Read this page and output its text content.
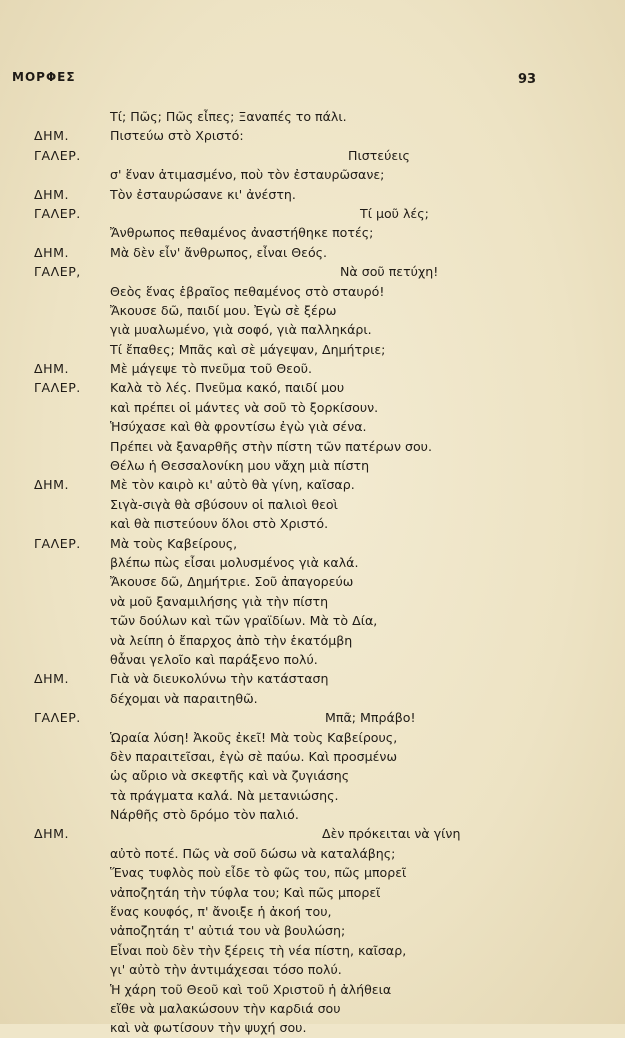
ΜΟΡΦΕΣ	93
Τί; Πῶς; Πῶς εἶπες; Ξαναπές το πάλι.
ΔΗΜ.	Πιστεύω στὸ Χριστό:
ΓΑΛΕΡ.	Πιστεύεις
σ' ἕναν ἀτιμασμένο, ποὺ τὸν ἐσταυρῶσανε;
ΔΗΜ.	Τὸν ἐσταυρώσανε κι' ἀνέστη.
ΓΑΛΕΡ.	Τί μοῦ λές;
Ἄνθρωπος πεθαμένος ἀναστήθηκε ποτές;
ΔΗΜ.	Μὰ δὲν εἶν' ἄνθρωπος, εἶναι Θεός.
ΓΑΛΕΡ,	Νὰ σοῦ πετύχη!
Θεὸς ἕνας ἑβραῖος πεθαμένος στὸ σταυρό!
Ἄκουσε δῶ, παιδί μου. Ἐγὼ σὲ ξέρω
γιὰ μυαλωμένο, γιὰ σοφό, γιὰ παλληκάρι.
Τί ἔπαθες; Μπᾶς καὶ σὲ μάγεψαν, Δημήτριε;
ΔΗΜ.	Μὲ μάγεψε τὸ πνεῦμα τοῦ Θεοῦ.
ΓΑΛΕΡ. Καλὰ τὸ λές. Πνεῦμα κακό, παιδί μου
καὶ πρέπει οἱ μάντες νὰ σοῦ τὸ ξορκίσουν.
Ἡσύχασε καὶ θὰ φροντίσω ἐγὼ γιὰ σένα.
Πρέπει νὰ ξαναρθῆς στὴν πίστη τῶν πατέρων σου.
Θέλω ἡ Θεσσαλονίκη μου νἄχη μιὰ πίστη
ΔΗΜ.	Μὲ τὸν καιρὸ κι' αὐτὸ θὰ γίνη, καῖσαρ.
Σιγὰ-σιγὰ θὰ σβύσουν οἱ παλιοὶ θεοὶ
καὶ θὰ πιστεύουν ὅλοι στὸ Χριστό.
ΓΑΛΕΡ. Μὰ τοὺς Καβείρους,
βλέπω πὼς εἶσαι μολυσμένος γιὰ καλά.
Ἄκουσε δῶ, Δημήτριε. Σοῦ ἀπαγορεύω
νὰ μοῦ ξαναμιλήσης γιὰ τὴν πίστη
τῶν δούλων καὶ τῶν γραϊδίων. Μὰ τὸ Δία,
νὰ λείπη ὁ ἔπαρχος ἀπὸ τὴν ἑκατόμβη
θἆναι γελοῖο καὶ παράξενο πολύ.
ΔΗΜ.	Γιὰ νὰ διευκολύνω τὴν κατάσταση
δέχομαι νὰ παραιτηθῶ.
ΓΑΛΕΡ.	Μπᾶ; Μπράβο!
Ὡραία λύση! Ἀκοῦς ἐκεῖ! Μὰ τοὺς Καβείρους,
δὲν παραιτεῖσαι, ἐγὼ σὲ παύω. Καὶ προσμένω
ὡς αὔριο νὰ σκεφτῆς καὶ νὰ ζυγιάσης
τὰ πράγματα καλά. Νὰ μετανιώσης.
Νάρθῆς στὸ δρόμο τὸν παλιό.
ΔΗΜ.	Δὲν πρόκειται νὰ γίνη
αὐτὸ ποτέ. Πῶς νὰ σοῦ δώσω νὰ καταλάβης;
Ἕνας τυφλὸς ποὺ εἶδε τὸ φῶς του, πῶς μπορεῖ
νἀποζητάη τὴν τύφλα του; Καὶ πῶς μπορεῖ
ἕνας κουφός, π' ἄνοιξε ἡ ἀκοή του,
νἀποζητάη τ' αὐτιά του νὰ βουλώση;
Εἶναι ποὺ δὲν τὴν ξέρεις τὴ νέα πίστη, καῖσαρ,
γι' αὐτὸ τὴν ἀντιμάχεσαι τόσο πολύ.
Ἡ χάρη τοῦ Θεοῦ καὶ τοῦ Χριστοῦ ἡ ἀλήθεια
εἴθε νὰ μαλακώσουν τὴν καρδιά σου
καὶ νὰ φωτίσουν τὴν ψυχή σου.
